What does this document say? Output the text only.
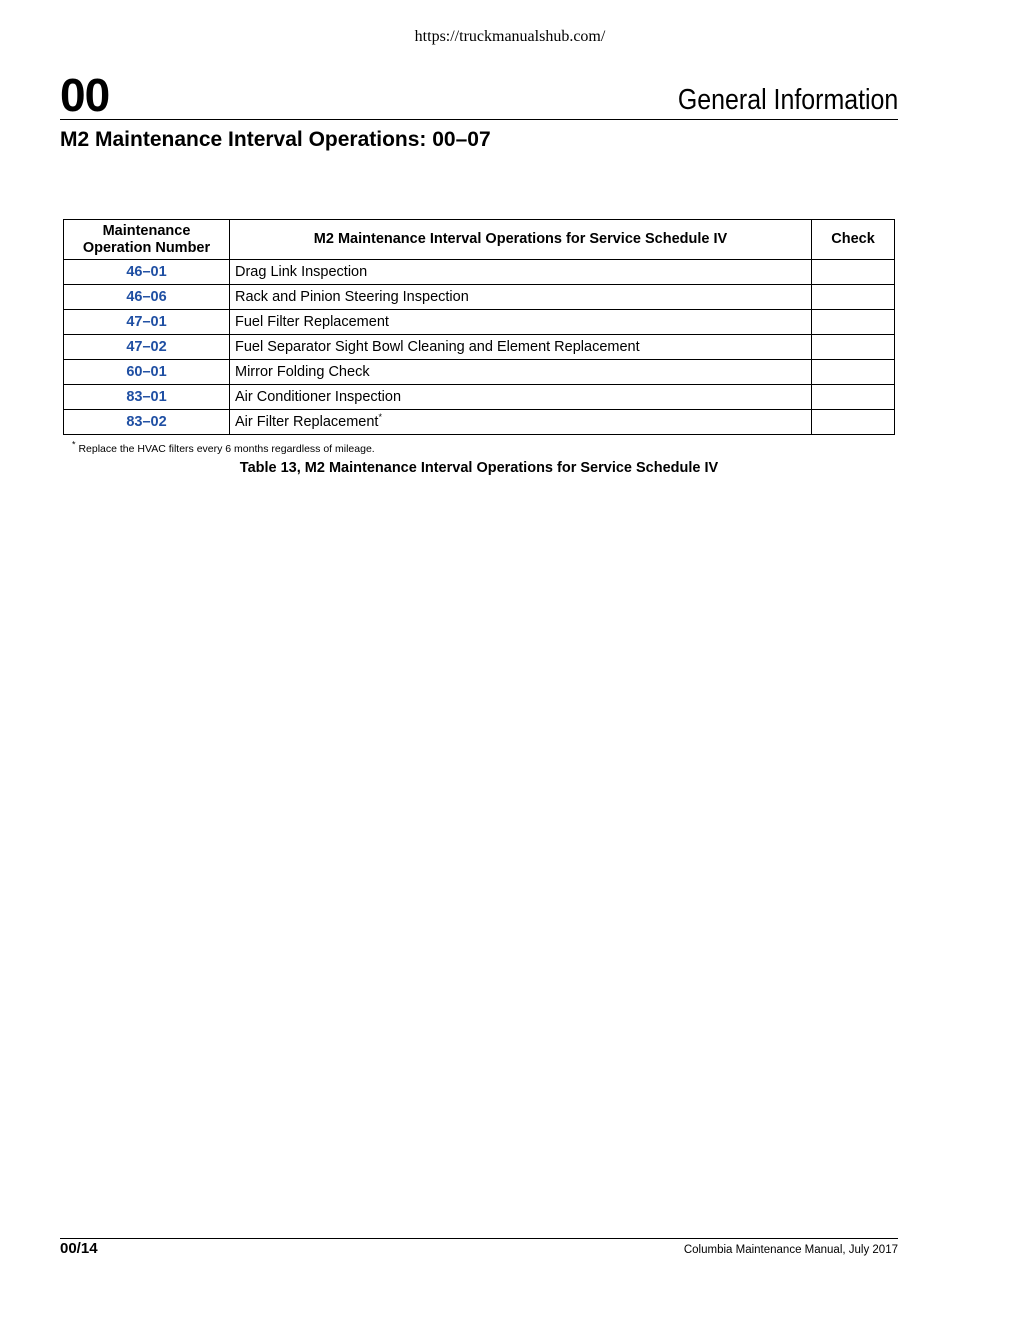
https://truckmanualshub.com/
00	General Information
M2 Maintenance Interval Operations: 00–07
Maintenance
Operation Number	M2 Maintenance Interval Operations for Service Schedule IV	Check
46–01	Drag Link Inspection	
46–06	Rack and Pinion Steering Inspection	
47–01	Fuel Filter Replacement	
47–02	Fuel Separator Sight Bowl Cleaning and Element Replacement	
60–01	Mirror Folding Check	
83–01	Air Conditioner Inspection	
83–02	Air Filter Replacement*	
* Replace the HVAC filters every 6 months regardless of mileage.
Table 13, M2 Maintenance Interval Operations for Service Schedule IV
00/14	Columbia Maintenance Manual, July 2017
